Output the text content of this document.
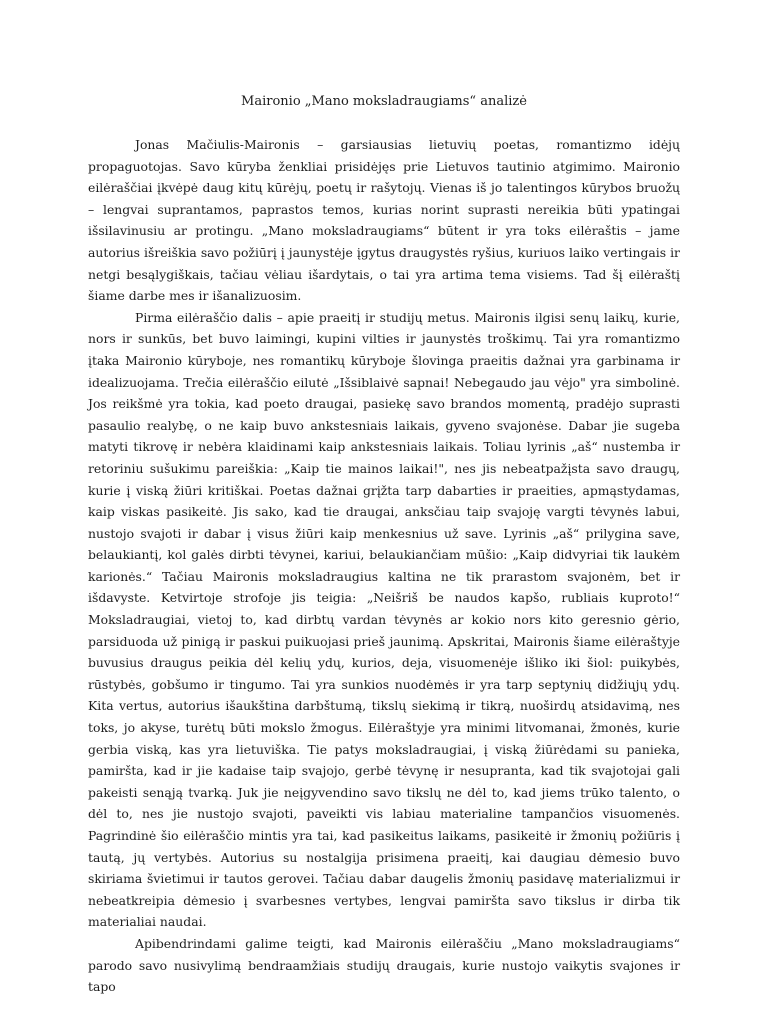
Maironio „Mano moksladraugiams“ analizė

Jonas Mačiulis-Maironis – garsiausias lietuvių poetas, romantizmo idėjų propaguotojas. Savo kūryba ženkliai prisidėjęs prie Lietuvos tautinio atgimimo. Maironio eilėraščiai įkvėpė daug kitų kūrėjų, poetų ir rašytojų. Vienas iš jo talentingos kūrybos bruožų – lengvai suprantamos, paprastos temos, kurias norint suprasti nereikia būti ypatingai išsilavinusiu ar protingu. „Mano moksladraugiams“ būtent ir yra toks eilėraštis – jame autorius išreiškia savo požiūrį į jaunystėje įgytus draugystės ryšius, kuriuos laiko vertingais ir netgi besąlygiškais, tačiau vėliau išardytais, o tai yra artima tema visiems. Tad šį eilėraštį šiame darbe mes ir išanalizuosim.

Pirma eilėraščio dalis – apie praeitį ir studijų metus. Maironis ilgisi senų laikų, kurie, nors ir sunkūs, bet buvo laimingi, kupini vilties ir jaunystės troškimų. Tai yra romantizmo įtaka Maironio kūryboje, nes romantikų kūryboje šlovinga praeitis dažnai yra garbinama ir idealizuojama. Trečia eilėraščio eilutė „Išsiblaivė sapnai! Nebegaudo jau vėjo" yra simbolinė. Jos reikšmė yra tokia, kad poeto draugai, pasiekę savo brandos momentą, pradėjo suprasti pasaulio realybę, o ne kaip buvo ankstesniais laikais, gyveno svajonėse. Dabar jie sugeba matyti tikrovę ir nebėra klaidinami kaip ankstesniais laikais. Toliau lyrinis „aš“ nustemba ir retoriniu sušukimu pareiškia: „Kaip tie mainos laikai!", nes jis nebeatpažįsta savo draugų, kurie į viską žiūri kritiškai. Poetas dažnai grįžta tarp dabarties ir praeities, apmąstydamas, kaip viskas pasikeitė. Jis sako, kad tie draugai, anksčiau taip svajoję vargti tėvynės labui, nustojo svajoti ir dabar į visus žiūri kaip menkesnius už save. Lyrinis „aš“ prilygina save, belaukiantį, kol galės dirbti tėvynei, kariui, belaukiančiam mūšio: „Kaip didvyriai tik laukėm karionės.“ Tačiau Maironis moksladraugius kaltina ne tik prarastom svajonėm, bet ir išdavyste. Ketvirtoje strofoje jis teigia: „Neišriš be naudos kapšo, rubliais kuproto!“ Moksladraugiai, vietoj to, kad dirbtų vardan tėvynės ar kokio nors kito geresnio gėrio, parsiduoda už pinigą ir paskui puikuojasi prieš jaunimą. Apskritai, Maironis šiame eilėraštyje buvusius draugus peikia dėl kelių ydų, kurios, deja, visuomenėje išliko iki šiol: puikybės, rūstybės, gobšumo ir tingumo. Tai yra sunkios nuodėmės ir yra tarp septynių didžiųjų ydų. Kita vertus, autorius išaukština darbštumą, tikslų siekimą ir tikrą, nuoširdų atsidavimą, nes toks, jo akyse, turėtų būti mokslo žmogus. Eilėraštyje yra minimi litvomanai, žmonės, kurie gerbia viską, kas yra lietuviška. Tie patys moksladraugiai, į viską žiūrėdami su panieka, pamiršta, kad ir jie kadaise taip svajojo, gerbė tėvynę ir nesupranta, kad tik svajotojai gali pakeisti senąją tvarką. Juk jie neįgyvendino savo tikslų ne dėl to, kad jiems trūko talento, o dėl to, nes jie nustojo svajoti, paveikti vis labiau materialine tampančios visuomenės. Pagrindinė šio eilėraščio mintis yra tai, kad pasikeitus laikams, pasikeitė ir žmonių požiūris į tautą, jų vertybės. Autorius su nostalgija prisimena praeitį, kai daugiau dėmesio buvo skiriama švietimui ir tautos gerovei. Tačiau dabar daugelis žmonių pasidavę materializmui ir nebeatkreipia dėmesio į svarbesnes vertybes, lengvai pamiršta savo tikslus ir dirba tik materialiai naudai.

Apibendrindami galime teigti, kad Maironis eilėraščiu „Mano moksladraugiams“ parodo savo nusivylimą bendraamžiais studijų draugais, kurie nustojo vaikytis svajones ir tapo
